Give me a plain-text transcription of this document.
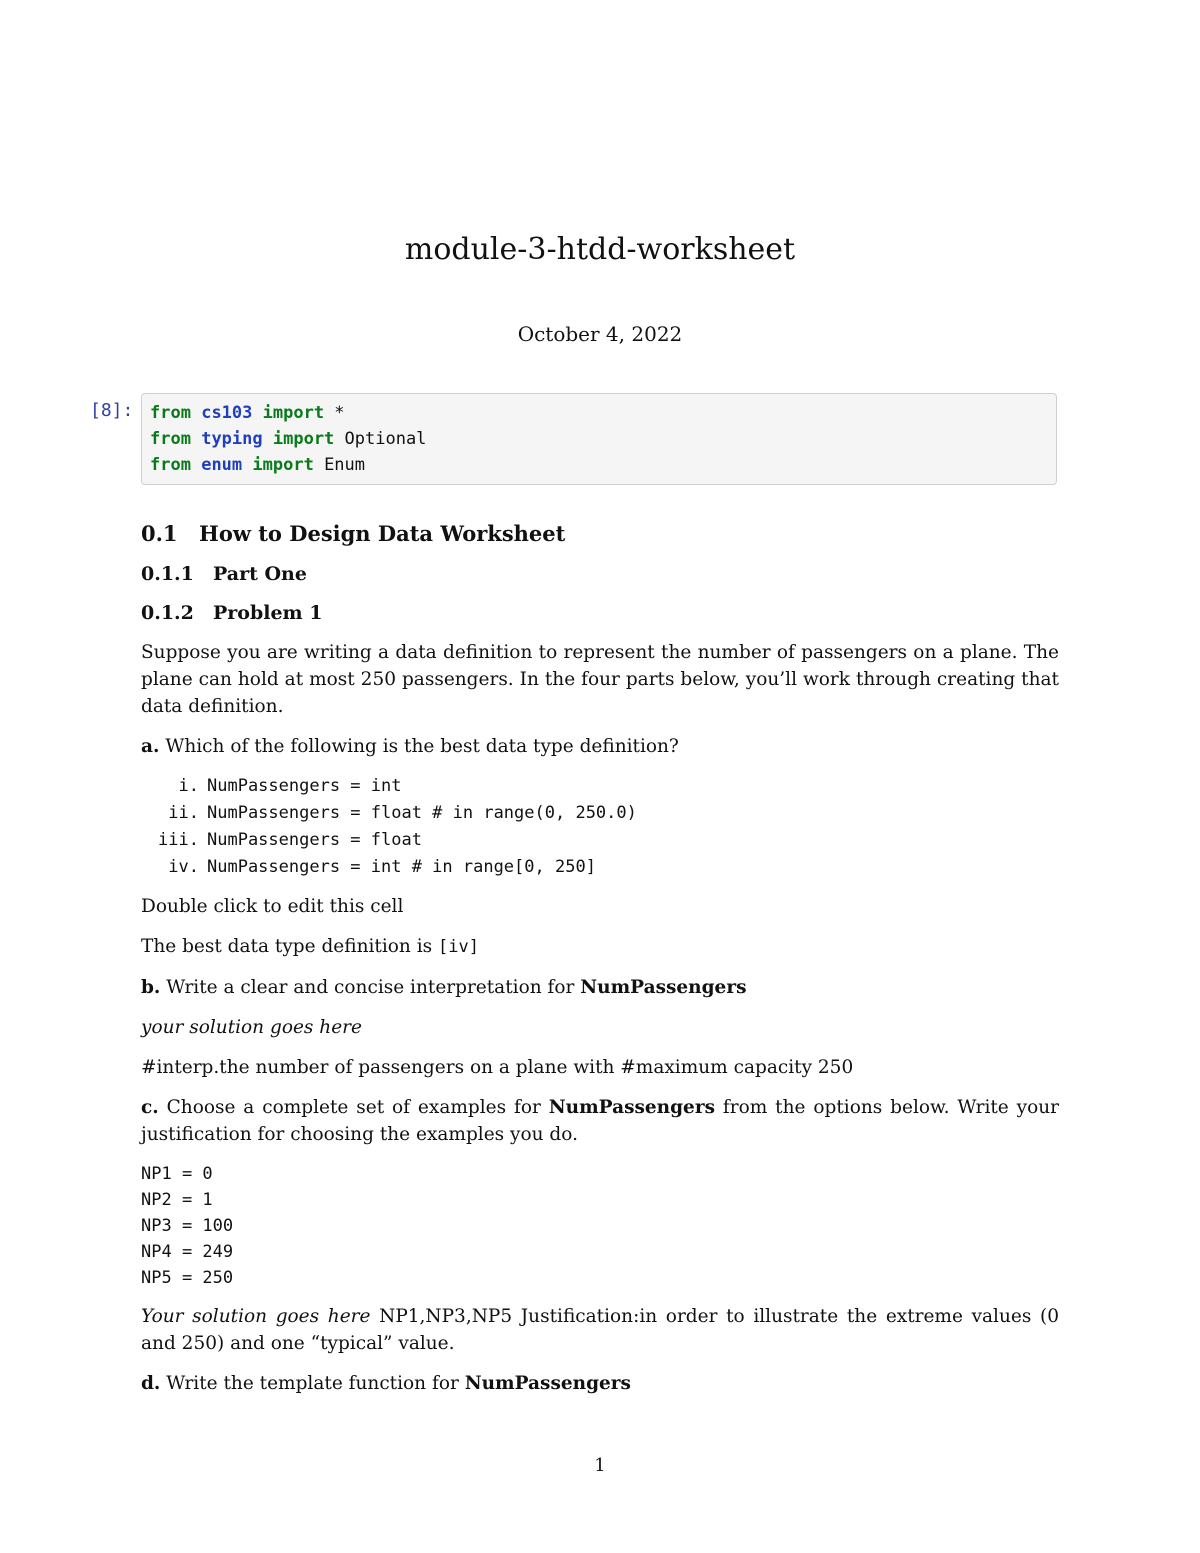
module-3-htdd-worksheet
October 4, 2022
[8]: from cs103 import *
from typing import Optional
from enum import Enum
0.1 How to Design Data Worksheet
0.1.1 Part One
0.1.2 Problem 1

Suppose you are writing a data definition to represent the number of passengers on a plane. The plane can hold at most 250 passengers. In the four parts below, you’ll work through creating that data definition.

a. Which of the following is the best data type definition?

i. NumPassengers = int
ii. NumPassengers = float # in range(0, 250.0)
iii. NumPassengers = float
iv. NumPassengers = int # in range[0, 250]

Double click to edit this cell

The best data type definition is [iv]

b. Write a clear and concise interpretation for NumPassengers

your solution goes here

#interp.the number of passengers on a plane with #maximum capacity 250

c. Choose a complete set of examples for NumPassengers from the options below. Write your justification for choosing the examples you do.

NP1 = 0
NP2 = 1
NP3 = 100
NP4 = 249
NP5 = 250

Your solution goes here NP1,NP3,NP5 Justification:in order to illustrate the extreme values (0 and 250) and one “typical” value.

d. Write the template function for NumPassengers

1
